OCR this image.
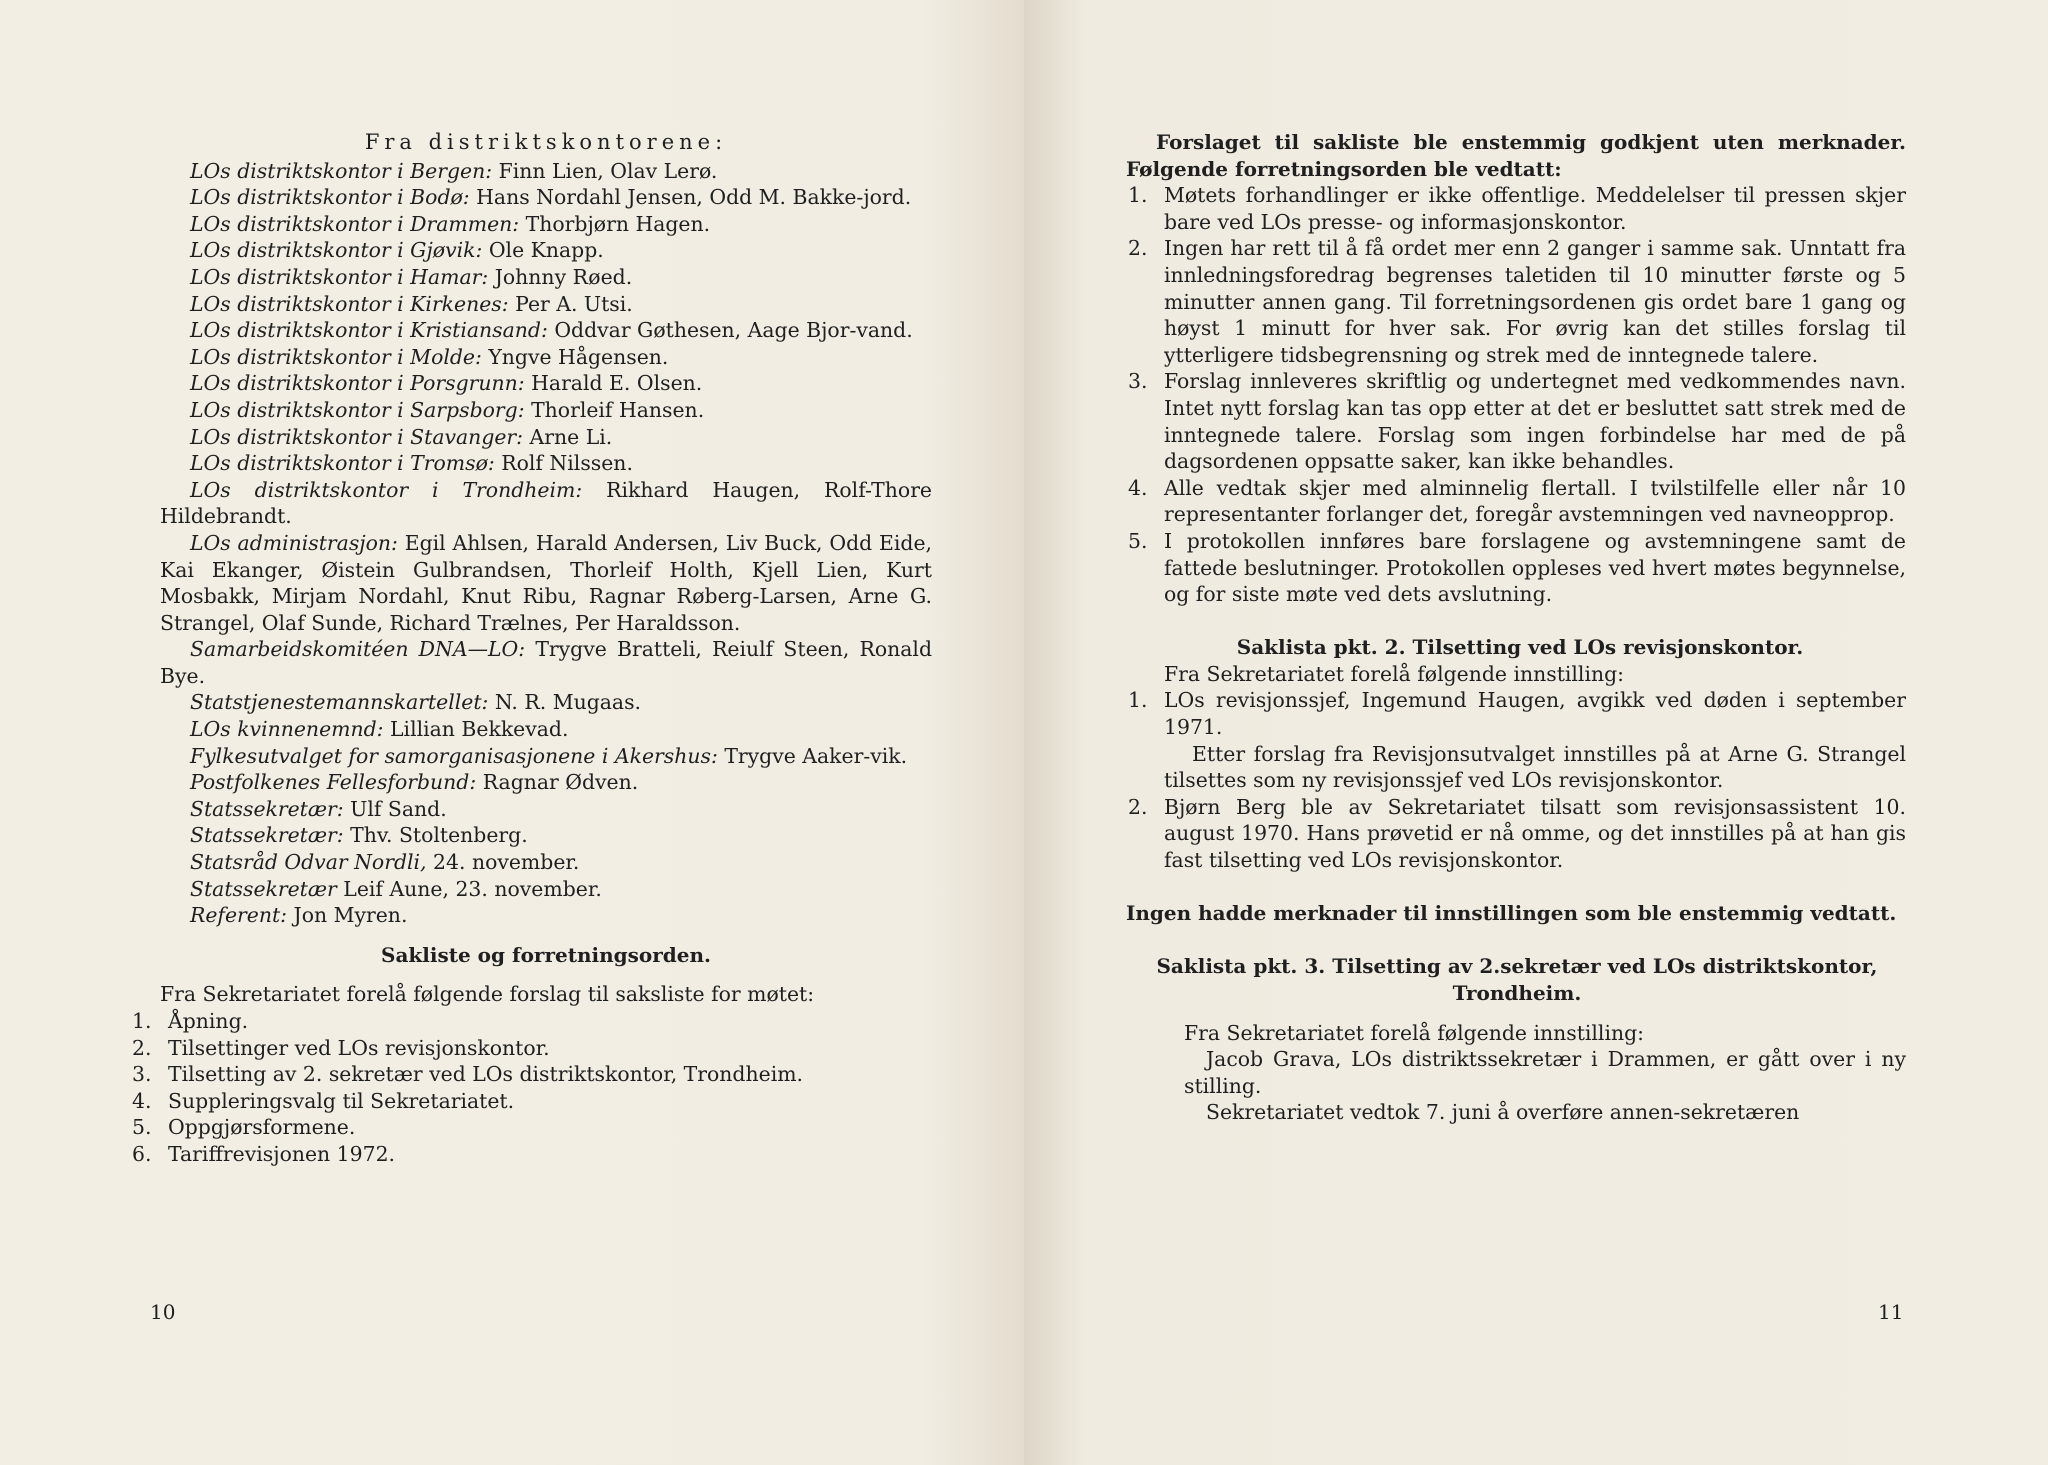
Fra distriktskontorene:

LOs distriktskontor i Bergen: Finn Lien, Olav Lerø.

LOs distriktskontor i Bodø: Hans Nordahl Jensen, Odd M. Bakke-jord.

LOs distriktskontor i Drammen: Thorbjørn Hagen.

LOs distriktskontor i Gjøvik: Ole Knapp.

LOs distriktskontor i Hamar: Johnny Røed.

LOs distriktskontor i Kirkenes: Per A. Utsi.

LOs distriktskontor i Kristiansand: Oddvar Gøthesen, Aage Bjor-vand.

LOs distriktskontor i Molde: Yngve Hågensen.

LOs distriktskontor i Porsgrunn: Harald E. Olsen.

LOs distriktskontor i Sarpsborg: Thorleif Hansen.

LOs distriktskontor i Stavanger: Arne Li.

LOs distriktskontor i Tromsø: Rolf Nilssen.

LOs distriktskontor i Trondheim: Rikhard Haugen, Rolf-Thore Hildebrandt.

LOs administrasjon: Egil Ahlsen, Harald Andersen, Liv Buck, Odd Eide, Kai Ekanger, Øistein Gulbrandsen, Thorleif Holth, Kjell Lien, Kurt Mosbakk, Mirjam Nordahl, Knut Ribu, Ragnar Røberg-Larsen, Arne G. Strangel, Olaf Sunde, Richard Trælnes, Per Haraldsson.

Samarbeidskomitéen DNA—LO: Trygve Bratteli, Reiulf Steen, Ronald Bye.

Statstjenestemannskartellet: N. R. Mugaas.

LOs kvinnenemnd: Lillian Bekkevad.

Fylkesutvalget for samorganisasjonene i Akershus: Trygve Aaker-vik.

Postfolkenes Fellesforbund: Ragnar Ødven.

Statssekretær: Ulf Sand.

Statssekretær: Thv. Stoltenberg.

Statsråd Odvar Nordli, 24. november.

Statssekretær Leif Aune, 23. november.

Referent: Jon Myren.

Sakliste og forretningsorden.

Fra Sekretariatet forelå følgende forslag til saksliste for møtet:

1. Åpning.
2. Tilsettinger ved LOs revisjonskontor.
3. Tilsetting av 2. sekretær ved LOs distriktskontor, Trondheim.
4. Suppleringsvalg til Sekretariatet.
5. Oppgjørsformene.
6. Tariffrevisjonen 1972.
10

Forslaget til sakliste ble enstemmig godkjent uten merknader. Følgende forretningsorden ble vedtatt:

1. Møtets forhandlinger er ikke offentlige. Meddelelser til pressen skjer bare ved LOs presse- og informasjonskontor.
2. Ingen har rett til å få ordet mer enn 2 ganger i samme sak. Unntatt fra innledningsforedrag begrenses taletiden til 10 minutter første og 5 minutter annen gang. Til forretningsordenen gis ordet bare 1 gang og høyst 1 minutt for hver sak. For øvrig kan det stilles forslag til ytterligere tidsbegrensning og strek med de inntegnede talere.
3. Forslag innleveres skriftlig og undertegnet med vedkommendes navn. Intet nytt forslag kan tas opp etter at det er besluttet satt strek med de inntegnede talere. Forslag som ingen forbindelse har med de på dagsordenen oppsatte saker, kan ikke behandles.
4. Alle vedtak skjer med alminnelig flertall. I tvilstilfelle eller når 10 representanter forlanger det, foregår avstemningen ved navneopprop.
5. I protokollen innføres bare forslagene og avstemningene samt de fattede beslutninger. Protokollen oppleses ved hvert møtes begynnelse, og for siste møte ved dets avslutning.
Saklista pkt. 2. Tilsetting ved LOs revisjonskontor.

Fra Sekretariatet forelå følgende innstilling:

1. LOs revisjonssjef, Ingemund Haugen, avgikk ved døden i september 1971.
Etter forslag fra Revisjonsutvalget innstilles på at Arne G. Strangel tilsettes som ny revisjonssjef ved LOs revisjonskontor.
2. Bjørn Berg ble av Sekretariatet tilsatt som revisjonsassistent 10. august 1970. Hans prøvetid er nå omme, og det innstilles på at han gis fast tilsetting ved LOs revisjonskontor.

Ingen hadde merknader til innstillingen som ble enstemmig vedtatt.

Saklista pkt. 3. Tilsetting av 2.sekretær ved LOs distriktskontor, Trondheim.

Fra Sekretariatet forelå følgende innstilling:

Jacob Grava, LOs distriktssekretær i Drammen, er gått over i ny stilling.

Sekretariatet vedtok 7. juni å overføre annen-sekretæren

11
